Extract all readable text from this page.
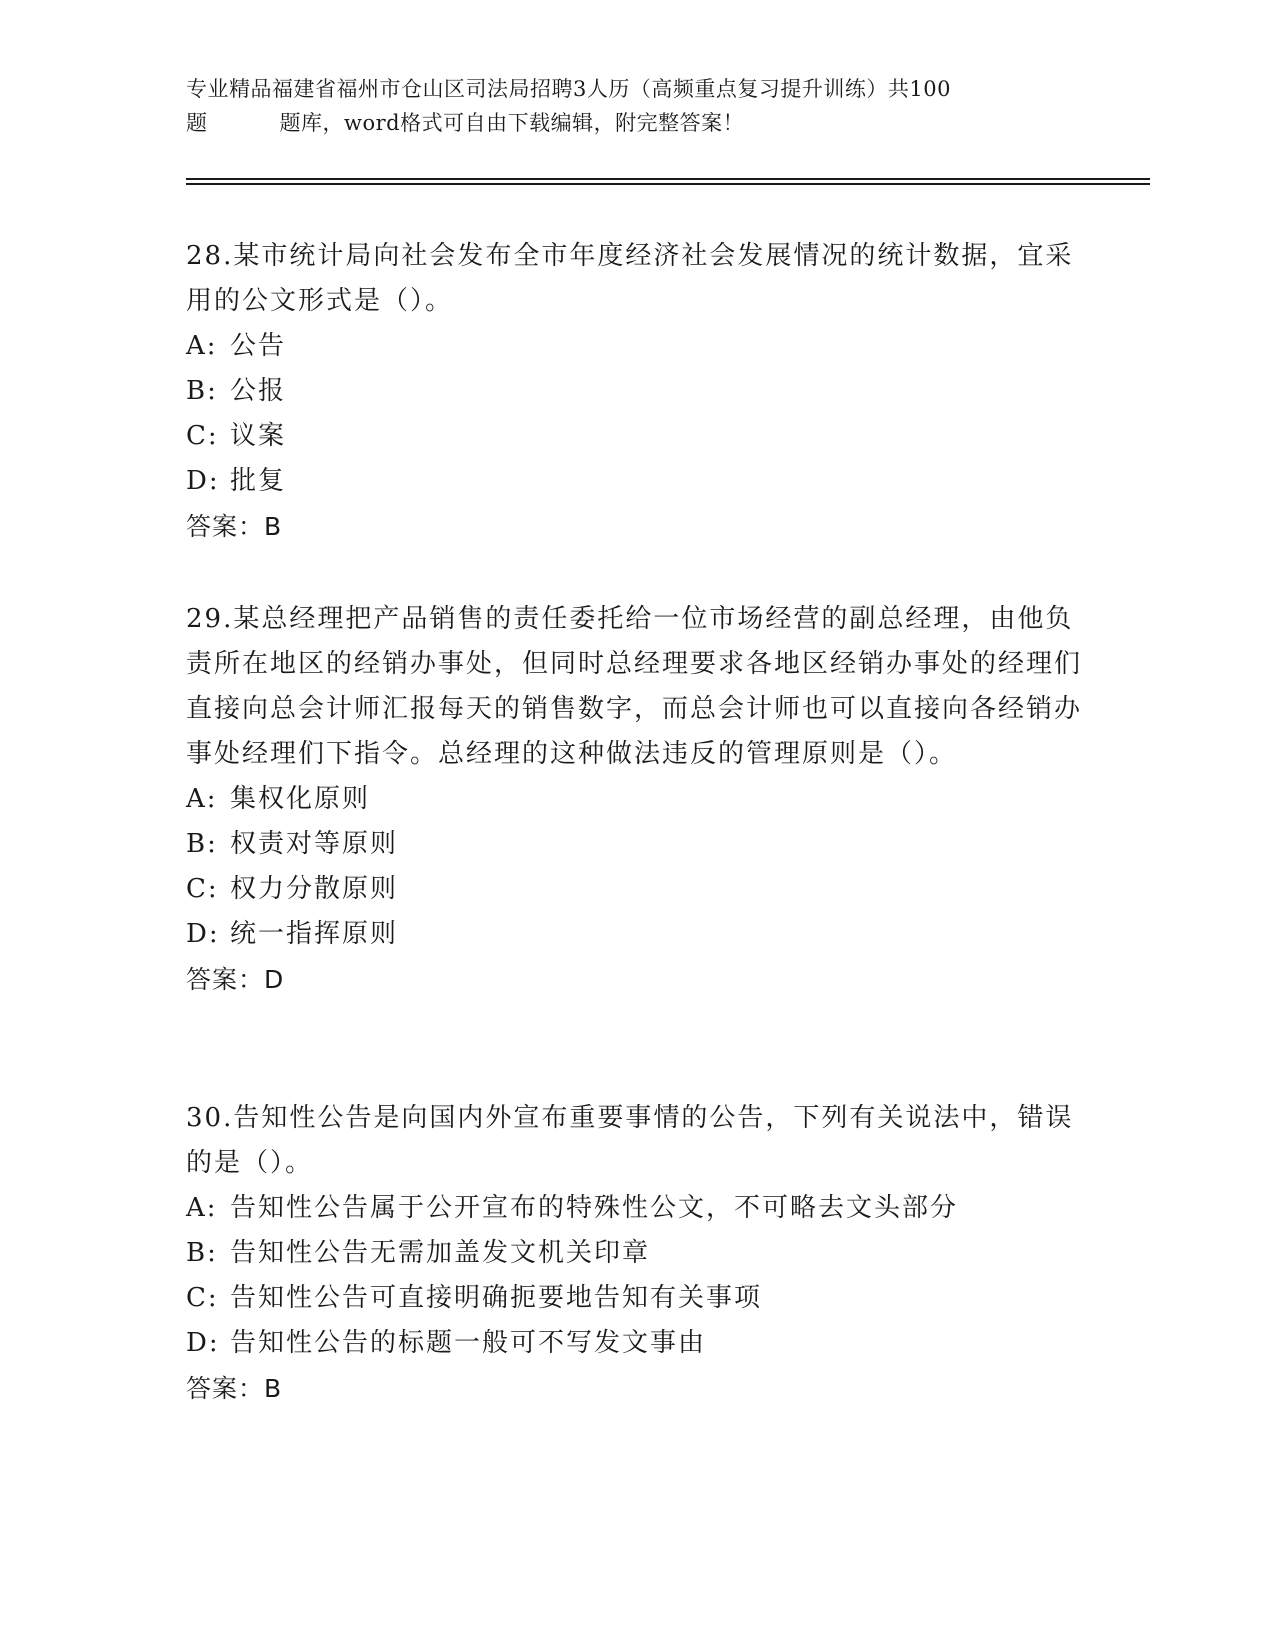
专业精品福建省福州市仓山区司法局招聘3人历（高频重点复习提升训练）共100
题	题库，word格式可自由下载编辑，附完整答案！

28.某市统计局向社会发布全市年度经济社会发展情况的统计数据，宜采用的公文形式是（）。

A: 公告

B: 公报

C: 议案

D: 批复

答案：B

29.某总经理把产品销售的责任委托给一位市场经营的副总经理，由他负责所在地区的经销办事处，但同时总经理要求各地区经销办事处的经理们直接向总会计师汇报每天的销售数字，而总会计师也可以直接向各经销办事处经理们下指令。总经理的这种做法违反的管理原则是（）。

A: 集权化原则

B: 权责对等原则

C: 权力分散原则

D: 统一指挥原则

答案：D

30.告知性公告是向国内外宣布重要事情的公告，下列有关说法中，错误的是（）。

A: 告知性公告属于公开宣布的特殊性公文，不可略去文头部分

B: 告知性公告无需加盖发文机关印章

C: 告知性公告可直接明确扼要地告知有关事项

D: 告知性公告的标题一般可不写发文事由

答案：B
